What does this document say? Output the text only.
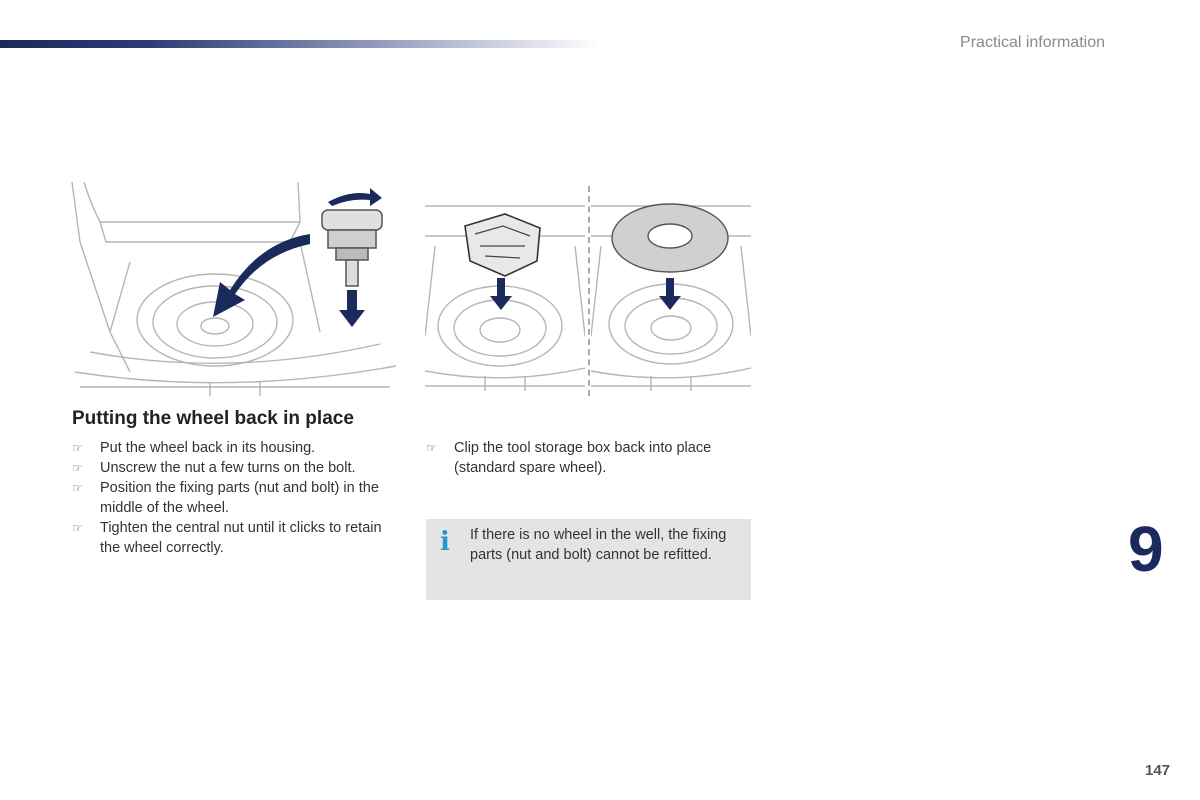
Practical information
Putting the wheel back in place
☞ Put the wheel back in its housing.
☞ Unscrew the nut a few turns on the bolt.
☞ Position the fixing parts (nut and bolt) in the middle of the wheel.
☞ Tighten the central nut until it clicks to retain the wheel correctly.
☞ Clip the tool storage box back into place (standard spare wheel).
i If there is no wheel in the well, the fixing parts (nut and bolt) cannot be refitted.	9
147
